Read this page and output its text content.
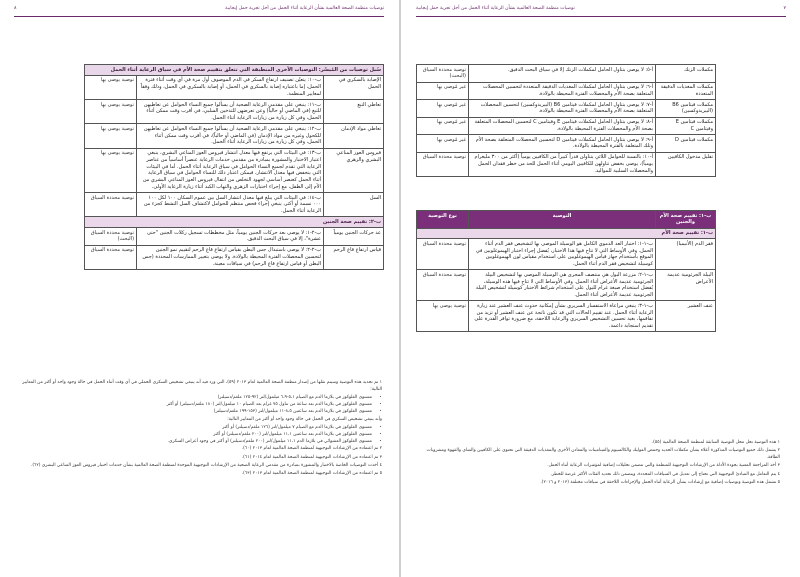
٨	توصيات منظمة الصحة العالمية بشأن الرعاية أثناء الحمل من أجل تجربة حمل إيجابية
سُبل توصيات من المُيسّر: التوصيات الأخرى المنطبقة التي تتعلق بتقييم صحة الأم في سياق الرعاية أثناء الحمل		
الإصابة بالسكري في الحمل	ب-١٠: يتعيّن تصنيف ارتفاع السكر في الدم الموصوف أول مرة في أي وقت أثناء فترة الحمل، إما باعتباره إصابة بالسكري في الحمل، أو إصابة بالسكري في الحمل، وذلك وفقاً لمعايير المنظمة.	توصية يوصى بها
تعاطي التبغ	ب-١١: ينبغي على مقدمي الرعاية الصحية أن يسألوا جميع النساء الحوامل عن تعاطيهن للتبغ (في الماضي أو حالياً) وعن تعرضهن للتدخين السلبي، في أقرب وقت ممكن أثناء الحمل، وفي كل زيارة من زيارات الرعاية أثناء الحمل.	توصية يوصى بها
تعاطي مواد الإدمان	ب-١٢: ينبغي على مقدمي الرعاية الصحية أن يسألوا جميع النساء الحوامل عن تعاطيهن للكحول وغيره من مواد الإدمان (في الماضي أو حالياً)، في أقرب وقت ممكن أثناء الحمل، وفي كل زيارة من زيارات الرعاية أثناء الحمل.	توصية يوصى بها
فيروس العوز المناعي البشري والزهري	ب-١٣: في البيئات التي يرتفع فيها معدل انتشار فيروس العوز المناعي البشري، ينبغي اعتبار الاختبار والمشورة بمبادرة من مقدمي خدمات الرعاية عنصراً أساسياً من عناصر الرعاية التي تقدم لجميع النساء الحوامل في سياق الرعاية أثناء الحمل. أما في البيئات التي ينخفض فيها معدل الانتشار، فيمكن اعتبار ذلك للنساء الحوامل في سياق الرعاية أثناء الحمل كعنصر أساسي لجهود التخلص من انتقال فيروس العوز المناعي البشري من الأم إلى الطفل، مع إجراء اختبارات الزهري والتهاب الكبد أثناء زيارة الرعاية الأولى.	توصية يوصى بها
السل	ب-١٤: في البيئات التي يبلغ فيها معدل انتشار السل بين عموم السكان ١٠٠ لكل ١٠٠ ٠٠٠ نسمة أو أكثر، ينبغي إجراء فحص منتظم للحوامل لاكتشاف السل النشط كجزء من الرعاية أثناء الحمل.	توصية محددة السياق
ب-٢: تقييم صحة الجنين		
عد حركات الجنين يومياً	ب-٢-١: لا يوصى بعد حركات الجنين يومياً، مثل مخططات تسجيل ركلات الجنين "حتى عشرة"، إلا في سياق البحث الدقيق.	توصية محددة السياق (البحث)
قياس ارتفاع قاع الرحم	ب-٢-٢: لا يوصى باستبدال جس البطن بقياس ارتفاع قاع الرحم لتقييم نمو الجنين لتحسين المحصلات الفترة المحيطة بالولادة. ولا يوصى بتغيير الممارسات المحددة (جس البطن أو قياس ارتفاع قاع الرحم) في سياقات معينة.	توصية محددة السياق

١ تم تحديد هذه التوصية وسيتم نقلها من إصدار منظمة الصحة العالمية لعام ٢٠١٣ (٥٩)، التي ورد فيه أنه ينبغي تشخيص السكري الحملي في أي وقت أثناء الحمل في حالة وجود واحد أو أكثر من المعايير التالية:

• مستوى الغلوكوز في بلازما الدم مع الصيام ٥،١-٦،٩ ميلمول/لتر (٩٢-١٢٥ ملغم/دسيلتر)
• مستوى الغلوكوز في بلازما الدم بعد ساعة من تناول ٧٥ غرام بعد الصيام ١٠ ميلمول/لتر (١٨٠ ملغم/دسيلتر) أو أكثر
• مستوى الغلوكوز في بلازما الدم بعد ساعتين ٨،٥-١١ ميلمول/لتر (١٥٣-١٩٩ ملغم/دسيلتر)

وأنه ينبغي تشخيص السكري في الحمل في حالة وجود واحد أو أكثر من المعايير التالية:

• مستوى الغلوكوز في بلازما الدم مع الصيام ٧ ميلمول/لتر (١٢٦ ملغم/دسيلتر) أو أكثر
• مستوى الغلوكوز في بلازما الدم بعد ساعتين ١١،١ ميلمول/لتر (٢٠٠ ملغم/دسيلتر) أو أكثر
• مستوى الغلوكوز العشوائي في بلازما الدم ١١،١ ميلمول/لتر (٢٠٠ ملغم/دسيلتر) أو أكثر في وجود أعراض السكري.

٢ تم اعتماده من الإرشادات التوجيهية لمنظمة الصحة العالمية لعام ٢٠١٣ (٦٠).

٣ تم اعتماده من الإرشادات التوجيهية لمنظمة الصحة العالمية لعام ٢٠١٤ (٦١).

٤ أخذت التوصيات الخاصة بالاختبار والمشورة بمبادرة من مقدمي الرعاية الصحية من الإرشادات التوجيهية الموحدة لمنظمة الصحة العالمية بشأن خدمات اختبار فيروس العوز المناعي البشري (٦٢).

٥ تم اعتماده من الإرشادات التوجيهية لمنظمة الصحة العالمية لعام ٢٠١٣ (٦٣).

٧
توصيات منظمة الصحة العالمية بشأن الرعاية أثناء الحمل من أجل تجربة حمل إيجابية
مكملات الزنك	أ-٥: لا يوصى بتناول الحامل لمكملات الزنك إلا في سياق البحث الدقيق.	توصية محددة السياق (البحث)
مكملات المغذيات الدقيقة المتعددة	أ-٦: لا يوصى بتناول الحامل لمكملات المغذيات الدقيقة المتعددة لتحسين المحصلات المتعلقة بصحة الأم والمحصلات الفترة المحيطة بالولادة.	غير مُوصى بها
مكملات فيتامين B6 (البيريدوكسين)	أ-٧: لا يوصى بتناول الحامل لمكملات فيتامين B6 (البيريدوكسين) لتحسين المحصلات المتعلقة بصحة الأم والمحصلات الفترة المحيطة بالولادة.	غير مُوصى بها
مكملات فيتامين E وفيتامين C	أ-٨: لا يوصى بتناول الحامل لمكملات فيتامين E وفيتامين C لتحسين المحصلات المتعلقة بصحة الأم والمحصلات الفترة المحيطة بالولادة.	غير مُوصى بها
مكملات فيتامين D	أ-٩: لا يوصى بتناول الحامل لمكملات فيتامين D لتحسين المحصلات المتعلقة بصحة الأم وتلك المتعلقة بالفترة المحيطة بالولادة.	غير مُوصى بها
تقليل مدخول الكافيين	أ-١٠: بالنسبة للحوامل اللائي يتناولن قدراً كبيراً من الكافيين يومياً (أكثر من ٣٠٠ مليغرام يومياً)، يوصى بخفض تناولهن للكافيين اليومي أثناء الحمل للحد من خطر فقدان الحمل والمحصلات السلبية للمواليد.	توصية محددة السياق
ب-١: تقييم صحة الأم والجنين	التوصية	نوع التوصية
ب-١: تقييم صحة الأم		
فقر الدم (الأنيميا)	ب-١-١: اختبار العد الدموي الكامل هو الوسيلة الموصى بها لتشخيص فقر الدم أثناء الحمل. وفي الأوساط التي لا تتاح فيها هذا الاختبار، يُفضل إجراء اختبار الهيموغلوبين في الموقع باستخدام جهاز قياس الهيموغلوبين على استخدام مقياس لون الهيموغلوبين كوسيلة لتشخيص فقر الدم أثناء الحمل.	توصية محددة السياق
البيلة الجرثومية عديمة الأعراض	ب-١-٢: مزرعة البول هي منتصف المجرى هي الوسيلة الموصى بها لتشخيص البيلة الجرثومية عديمة الأعراض أثناء الحمل. وفي الأوساط التي لا تتاح فيها هذه الوسيلة، يُفضل استخدام صبغة غرام للبول على استخدام شرائط الاختبار كوسيلة لتشخيص البيلة الجرثومية عديمة الأعراض أثناء الحمل.	توصية محددة السياق
عنف العشير	ب-١-٣: ينبغي مراعاة الاستفسار السريري بشأن إمكانية حدوث عنف العشير عند زيارة الرعاية أثناء الحمل. عند تقييم الحالات التي قد تكون ناتجة عن عنف العشير أو تزيد من تفاقمها، بغية تحسين التشخيص السريري والرعاية اللاحقة، مع ضرورة توافر القدرة على تقديم استجابة داعمة.	توصية يوصى بها

١ هذه التوصية تحل محل التوصية السابقة لمنظمة الصحة العالمية (٥٥).

٢ يشمل ذلك جميع التوصيات المذكورة أعلاه بشأن مكملات الحديد وحمض الفوليك والكالسيوم والفيتامينات والمعادن الأخرى والمغذيات الدقيقة التي تحتوي على الكافيين والشاي والقهوة ومشروبات الطاقة.

٣ أخذ المراجعة المعنية بجودة الأدلة من الإرشادات التوجيهية للمنظمة والتي تتضمن تحليلات إضافية لمؤشرات الرعاية أثناء الحمل.

٤ يتم التعامل مع المبادئ التوجيهية التي تحتاج إلى تعديل في السياقات المحددة، ويتضمن ذلك تحديد الفئات الأكثر عرضة للخطر.

٥ تشمل هذه التوصية وتوصيات إضافية مع إرشادات بشأن الرعاية أثناء الحمل والإجراءات اللاحقة في سياقات مختلفة (٢٠١٣ و ٢٠١٦).
